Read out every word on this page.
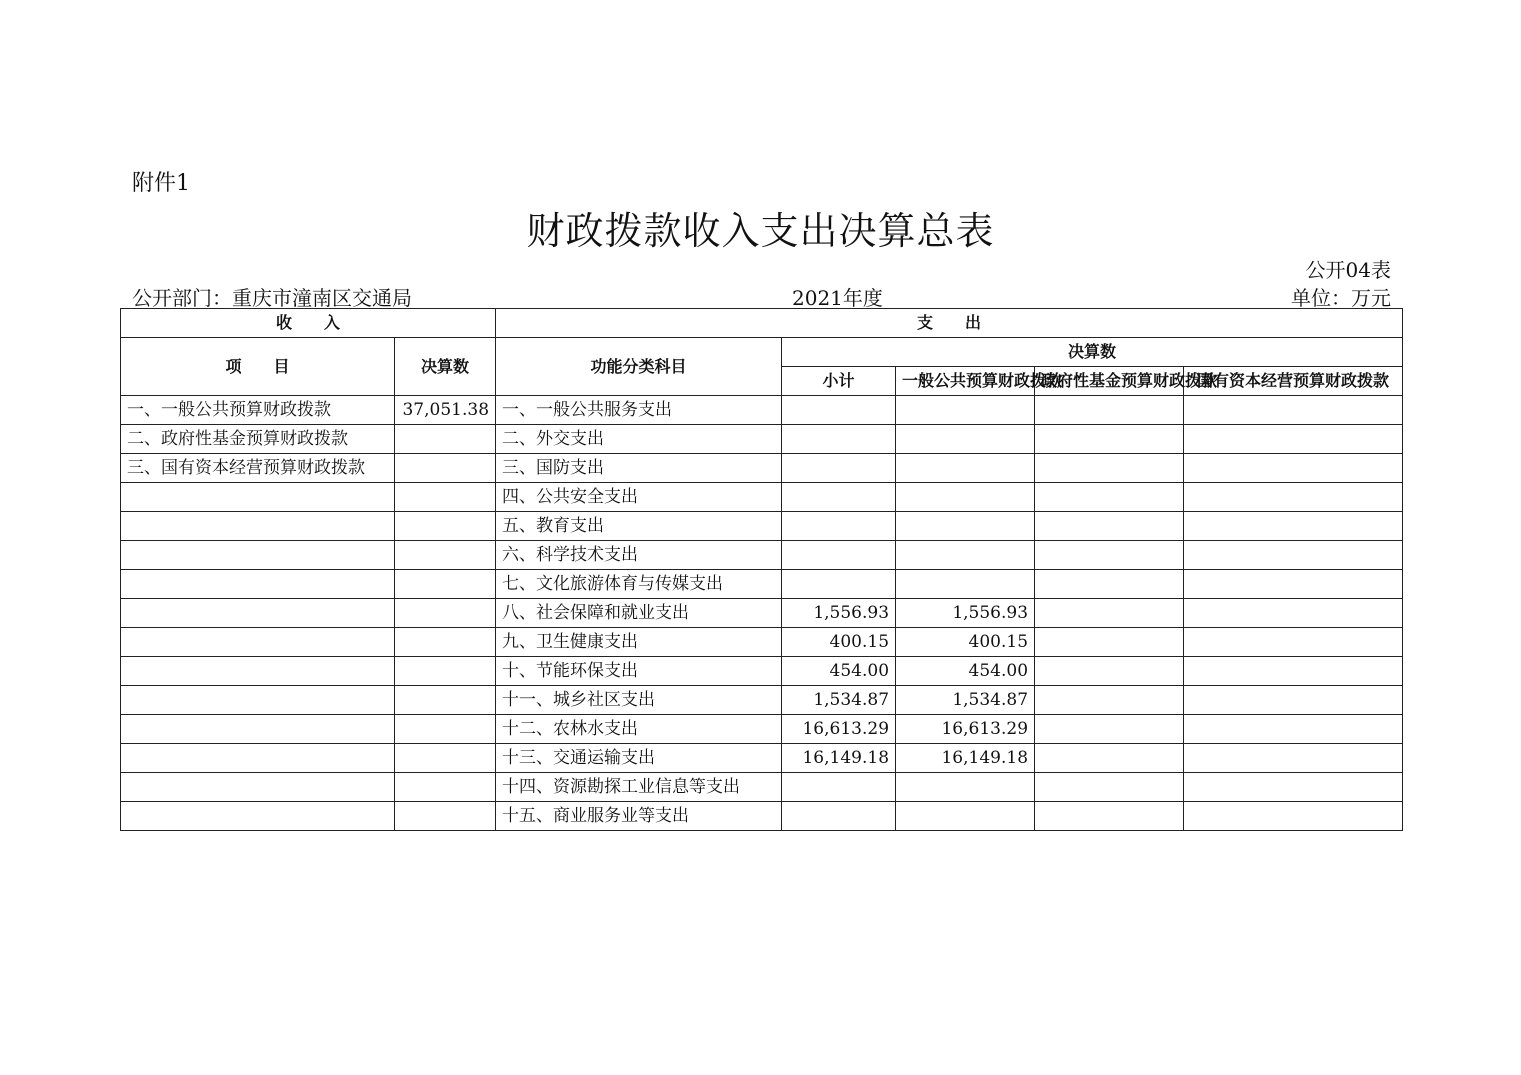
附件1
财政拨款收入支出决算总表
公开04表
公开部门：重庆市潼南区交通局	2021年度	单位：万元
收　　入		支　　出				
项　　目	决算数	功能分类科目	决算数			
			小计	一般公共预算财政拨款	政府性基金预算财政拨款	国有资本经营预算财政拨款

一、一般公共预算财政拨款	37,051.38	一、一般公共服务支出				
二、政府性基金预算财政拨款		二、外交支出				
三、国有资本经营预算财政拨款		三、国防支出				
		四、公共安全支出				
		五、教育支出				
		六、科学技术支出				
		七、文化旅游体育与传媒支出				
		八、社会保障和就业支出	1,556.93	1,556.93		
		九、卫生健康支出	400.15	400.15		
		十、节能环保支出	454.00	454.00		
		十一、城乡社区支出	1,534.87	1,534.87		
		十二、农林水支出	16,613.29	16,613.29		
		十三、交通运输支出	16,149.18	16,149.18		
		十四、资源勘探工业信息等支出				
		十五、商业服务业等支出				
